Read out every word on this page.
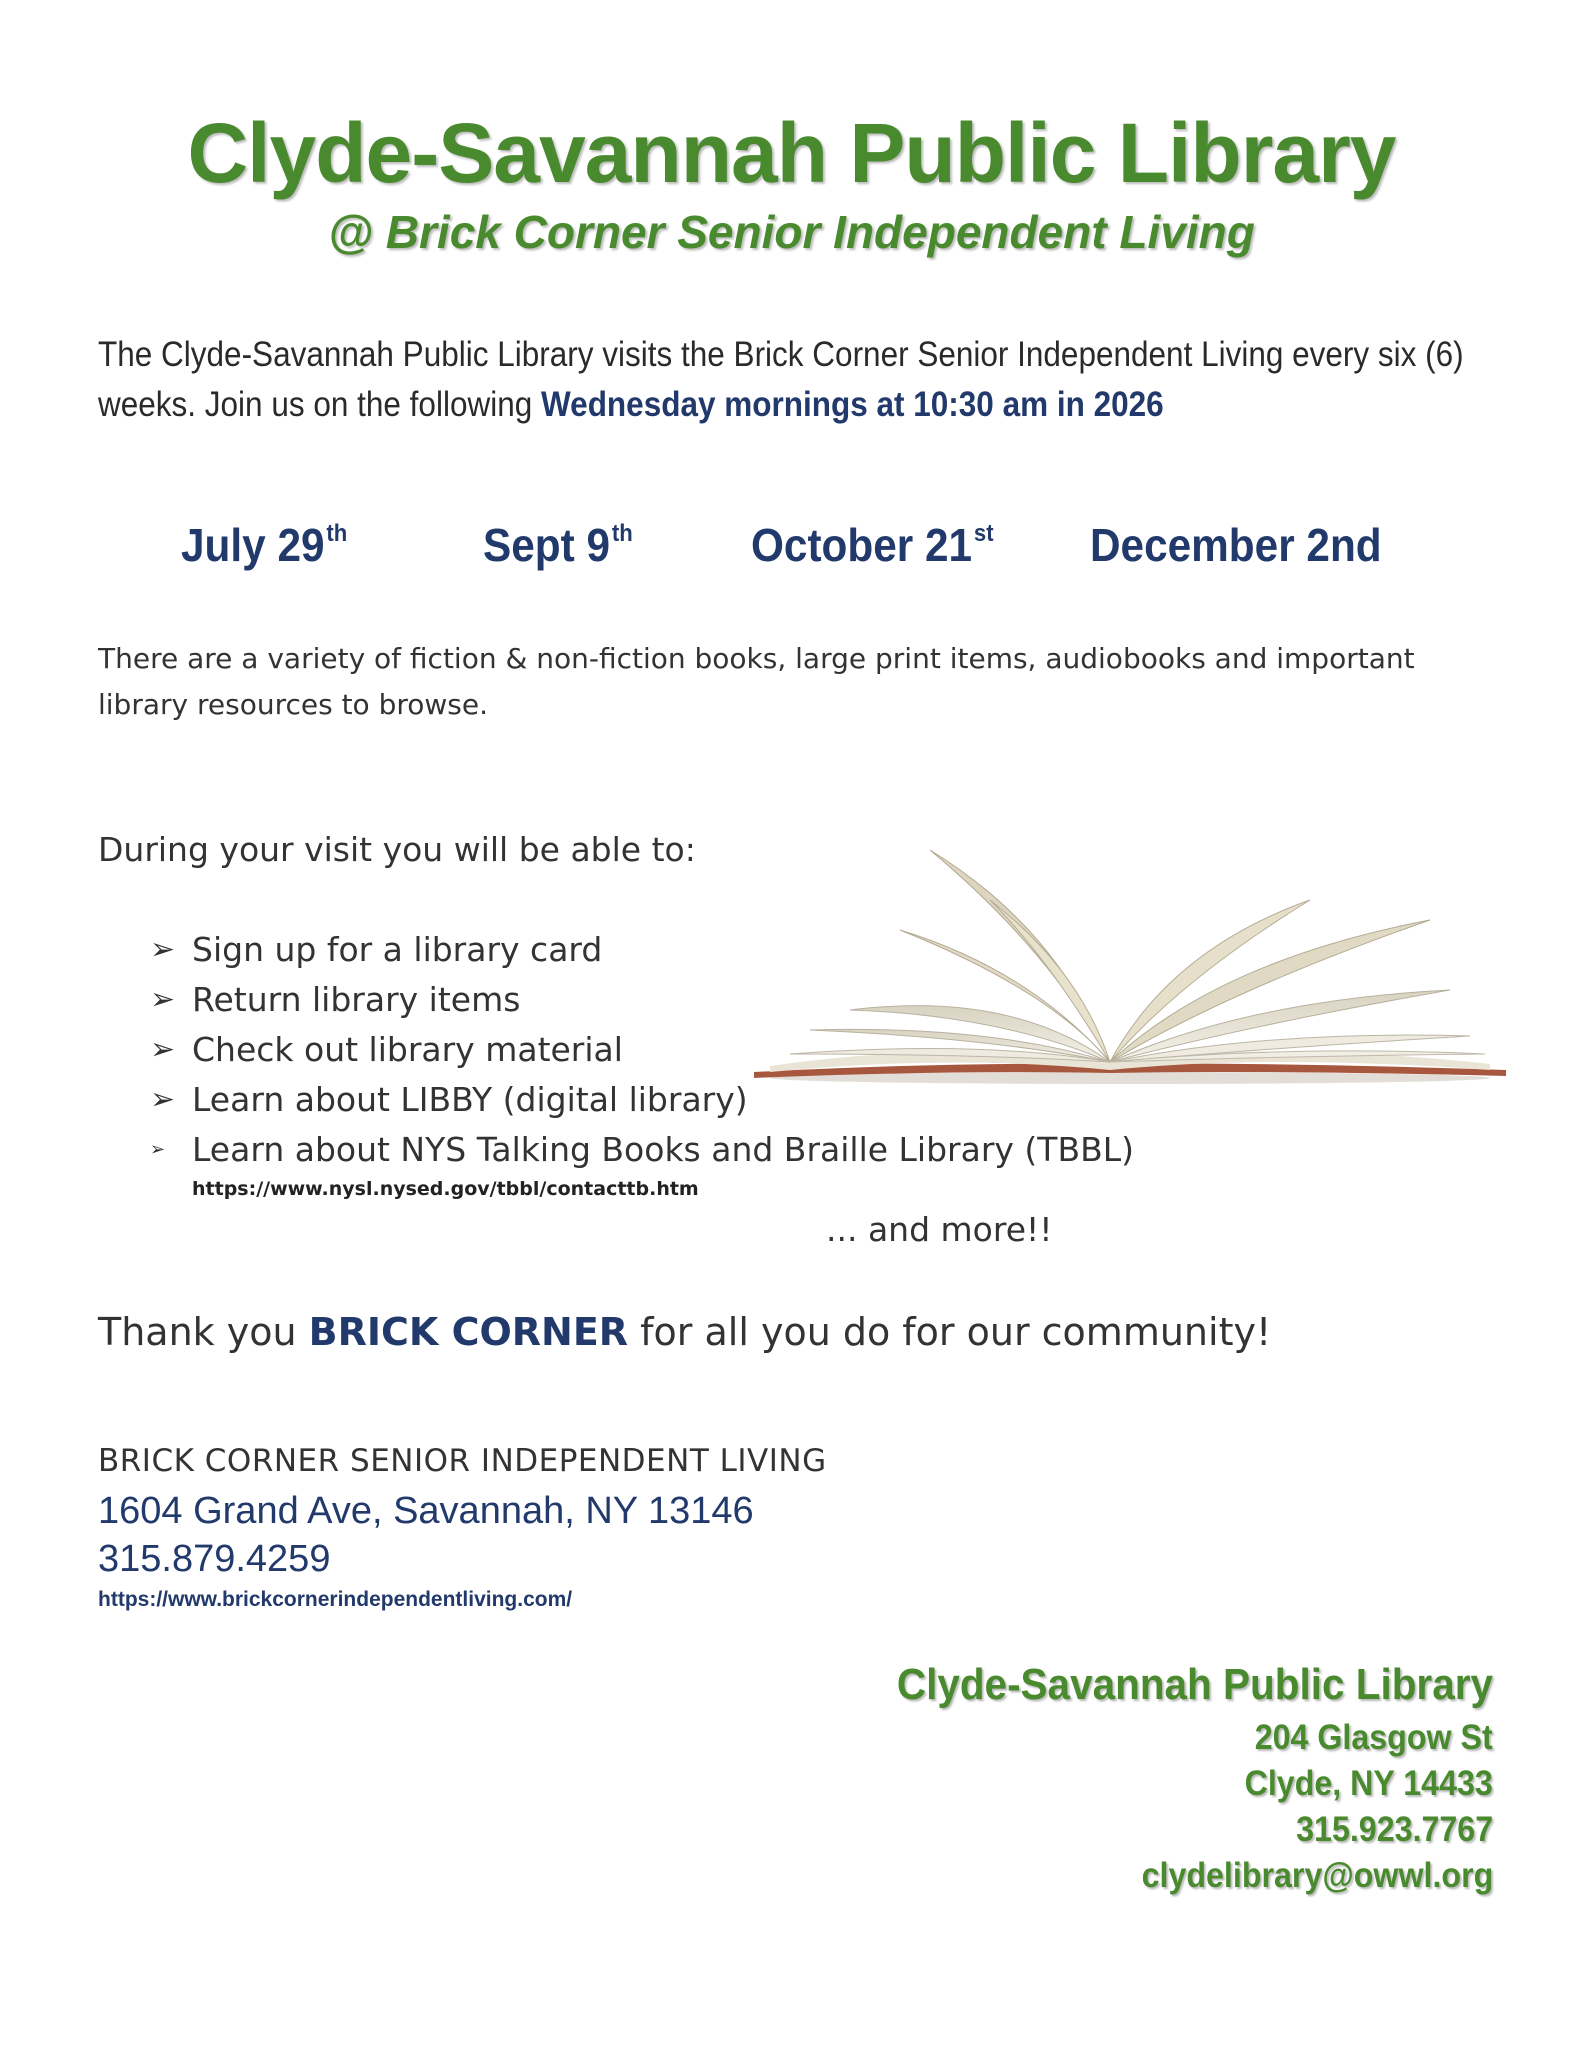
Clyde-Savannah Public Library
@ Brick Corner Senior Independent Living
The Clyde-Savannah Public Library visits the Brick Corner Senior Independent Living every six (6) weeks. Join us on the following Wednesday mornings at 10:30 am in 2026
July 29th	Sept 9th	October 21st December 2nd
There are a variety of fiction & non-fiction books, large print items, audiobooks and important library resources to browse.
During your visit you will be able to:
➢ Sign up for a library card
➢ Return library items
➢ Check out library material
➢ Learn about LIBBY (digital library)
➢ Learn about NYS Talking Books and Braille Library (TBBL)
https://www.nysl.nysed.gov/tbbl/contacttb.htm
... and more!!
Thank you BRICK CORNER for all you do for our community!
BRICK CORNER SENIOR INDEPENDENT LIVING
1604 Grand Ave, Savannah, NY 13146
315.879.4259
https://www.brickcornerindependentliving.com/
Clyde-Savannah Public Library
204 Glasgow St
Clyde, NY 14433
315.923.7767
clydelibrary@owwl.org
